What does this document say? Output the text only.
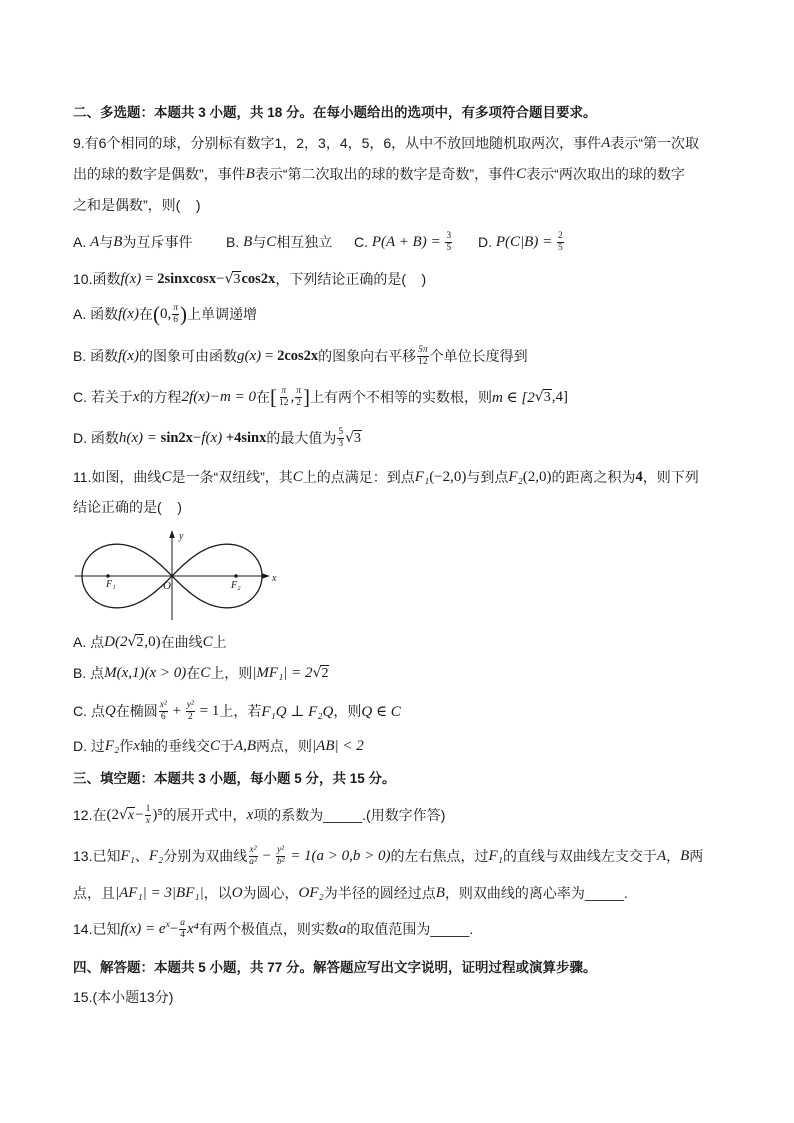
二、多选题：本题共 3 小题，共 18 分。在每小题给出的选项中，有多项符合题目要求。
9.有6个相同的球，分别标有数字1，2，3，4，5，6，从中不放回地随机取两次，事件 A 表示“第一次取
出的球的数字是偶数”，事件 B 表示“第二次取出的球的数字是奇数”，事件 C 表示“两次取出的球的数字
之和是偶数”，则(    )
A. A 与 B 为互斥事件 B. B 与 C 相互独立 C. $P(A + B) = \frac{3}{5} D$. $P(C|B) = \frac{2}{5}$
10.函数 f(x) = 2sinxcosx − √ 3 cos2x ，下列结论正确的是(    )
A. 函数 f(x) 在 ( 0, $\frac{\pi}{6}$ ) 上单调递增
B. 函数 f(x) 的图象可由函数 g(x) = 2cos2x 的图象向右平移 $\frac{5\pi}{12}$ 个单位长度得到
C. 若关于 x 的方程 2f(x)−m = 0 在 [ $\frac{\pi}{12}$ , $\frac{\pi}{2}$ ] 上有两个不相等的实数根，则 m ∈ [2 √ 3 ,4]
D. 函数 h(x) = sin2x − f(x) +4sinx 的最大值为 $\frac{5}{3}$ √ 3
11.如图，曲线 C 是一条“双纽线”，其 C 上的点满足：到点 F₁ (−2,0) 与到点 F₂ (2,0) 的距离之积为 4 ，则下列
结论正确的是(    )
y
x
O
F₁	F₂
A. 点 D(2 √ 2 ,0) 在曲线 C 上
B. 点 M(x,1)(x > 0) 在 C 上，则 |MF₁| = 2 √ 2
C. 点 Q 在椭圆 $\frac{\text{x²}}{6} + \frac{\text{y²}}{2} = 1$ 上，若 F₁Q ⊥ F₂Q ，则 Q ∈ C
D. 过 F₂ 作 x 轴的垂线交 C 于 A,B 两点，则 |AB| < 2
三、填空题：本题共 3 小题，每小题 5 分，共 15 分。
12.在 (2 √ $x - \frac{1}{x} )^5$ 的展开式中， x 项的系数为 _____ .(用数字作答)
13.已知 F₁ 、 F₂ 分别为双曲线 $\frac{\text{x²}}{\text{a²}} - \frac{\text{y²}}{\text{b²}} = 1(a > 0,b > 0)$ 的左右焦点，过 F₁ 的直线与双曲线左支交于 A ， B 两
点，且 |AF₁| = 3|BF₁| ，以 O 为圆心， OF₂ 为半径的圆经过点 B ，则双曲线的离心率为 _____ .
14.已知 f(x) = e $x - \frac{a}{4} x^4$ 有两个极值点，则实数 a 的取值范围为 _____ .
四、解答题：本题共 5 小题，共 77 分。解答题应写出文字说明，证明过程或演算步骤。
15.(本小题13分)
